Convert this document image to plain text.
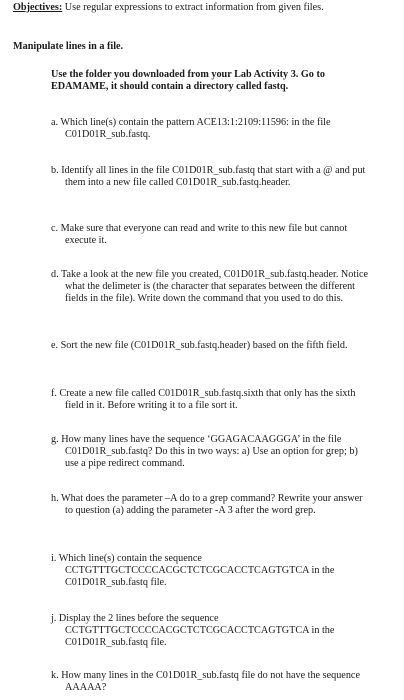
Objectives: Use regular expressions to extract information from given files.
Manipulate lines in a file.
Use the folder you downloaded from your Lab Activity 3. Go to EDAMAME, it should contain a directory called fastq.
a. Which line(s) contain the pattern ACE13:1:2109:11596: in the file C01D01R_sub.fastq.
b. Identify all lines in the file C01D01R_sub.fastq that start with a @ and put them into a new file called C01D01R_sub.fastq.header.
c. Make sure that everyone can read and write to this new file but cannot execute it.
d. Take a look at the new file you created, C01D01R_sub.fastq.header. Notice what the delimeter is (the character that separates between the different fields in the file). Write down the command that you used to do this.
e. Sort the new file (C01D01R_sub.fastq.header) based on the fifth field.
f. Create a new file called C01D01R_sub.fastq.sixth that only has the sixth field in it. Before writing it to a file sort it.
g. How many lines have the sequence ‘GGAGACAAGGGA’ in the file C01D01R_sub.fastq? Do this in two ways: a) Use an option for grep; b) use a pipe redirect command.
h. What does the parameter –A do to a grep command? Rewrite your answer to question (a) adding the parameter -A 3 after the word grep.
i. Which line(s) contain the sequence CCTGTTTGCTCCCCACGCTCTCGCACCTCAGTGTCA in the C01D01R_sub.fastq file.
j. Display the 2 lines before the sequence CCTGTTTGCTCCCCACGCTCTCGCACCTCAGTGTCA in the C01D01R_sub.fastq file.
k. How many lines in the C01D01R_sub.fastq file do not have the sequence AAAAA?
